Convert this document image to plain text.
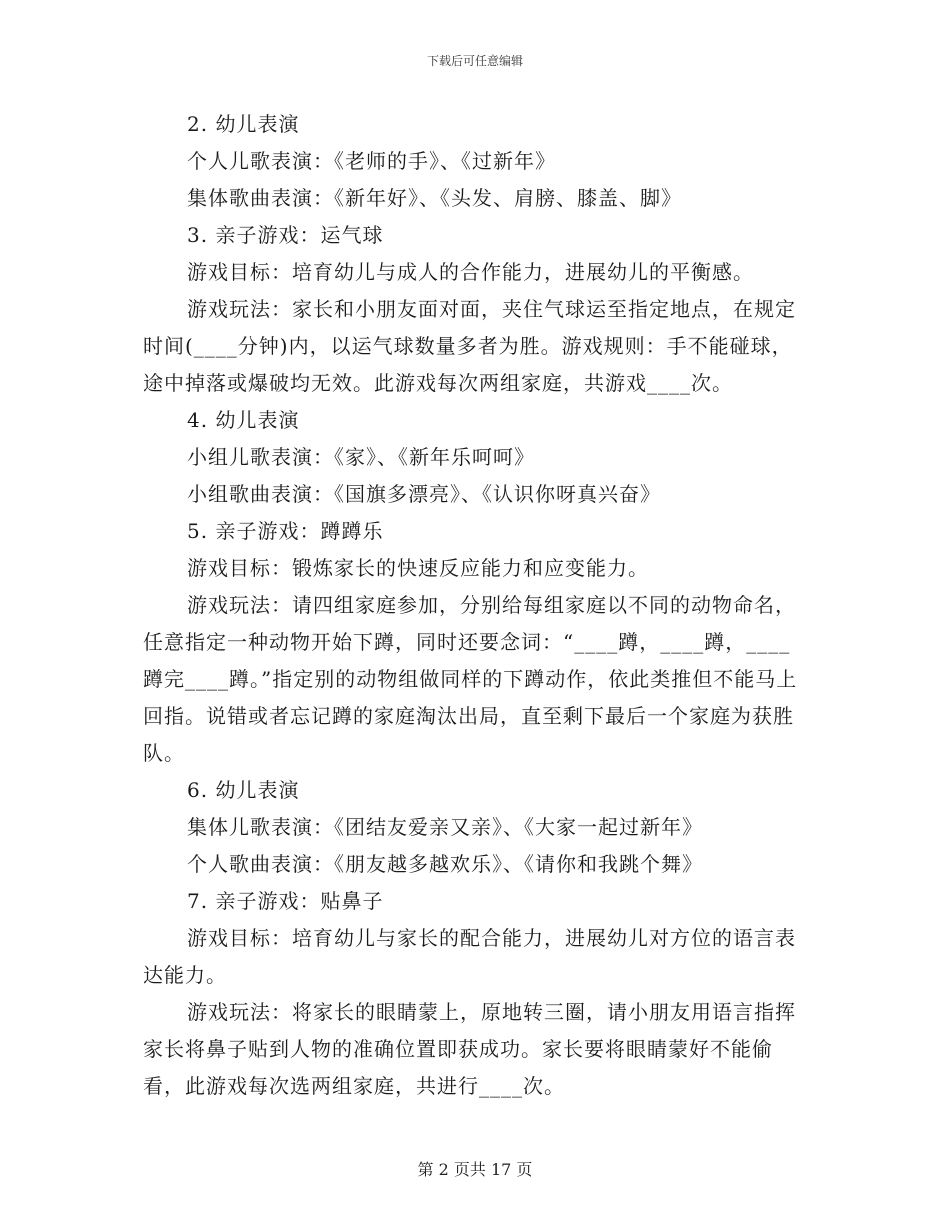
下载后可任意编辑

2. 幼儿表演

个人儿歌表演：《老师的手》、《过新年》

集体歌曲表演：《新年好》、《头发、肩膀、膝盖、脚》

3. 亲子游戏：运气球

游戏目标：培育幼儿与成人的合作能力，进展幼儿的平衡感。

游戏玩法：家长和小朋友面对面，夹住气球运至指定地点，在规定时间(____分钟)内，以运气球数量多者为胜。游戏规则：手不能碰球，途中掉落或爆破均无效。此游戏每次两组家庭，共游戏____次。

4. 幼儿表演

小组儿歌表演：《家》、《新年乐呵呵》

小组歌曲表演：《国旗多漂亮》、《认识你呀真兴奋》

5. 亲子游戏：蹲蹲乐

游戏目标：锻炼家长的快速反应能力和应变能力。

游戏玩法：请四组家庭参加，分别给每组家庭以不同的动物命名，任意指定一种动物开始下蹲，同时还要念词：“____蹲，____蹲，____蹲完____蹲。”指定别的动物组做同样的下蹲动作，依此类推但不能马上回指。说错或者忘记蹲的家庭淘汰出局，直至剩下最后一个家庭为获胜队。

6. 幼儿表演

集体儿歌表演：《团结友爱亲又亲》、《大家一起过新年》

个人歌曲表演：《朋友越多越欢乐》、《请你和我跳个舞》

7. 亲子游戏：贴鼻子

游戏目标：培育幼儿与家长的配合能力，进展幼儿对方位的语言表达能力。

游戏玩法：将家长的眼睛蒙上，原地转三圈，请小朋友用语言指挥家长将鼻子贴到人物的准确位置即获成功。家长要将眼睛蒙好不能偷看，此游戏每次选两组家庭，共进行____次。

第 2 页共 17 页
